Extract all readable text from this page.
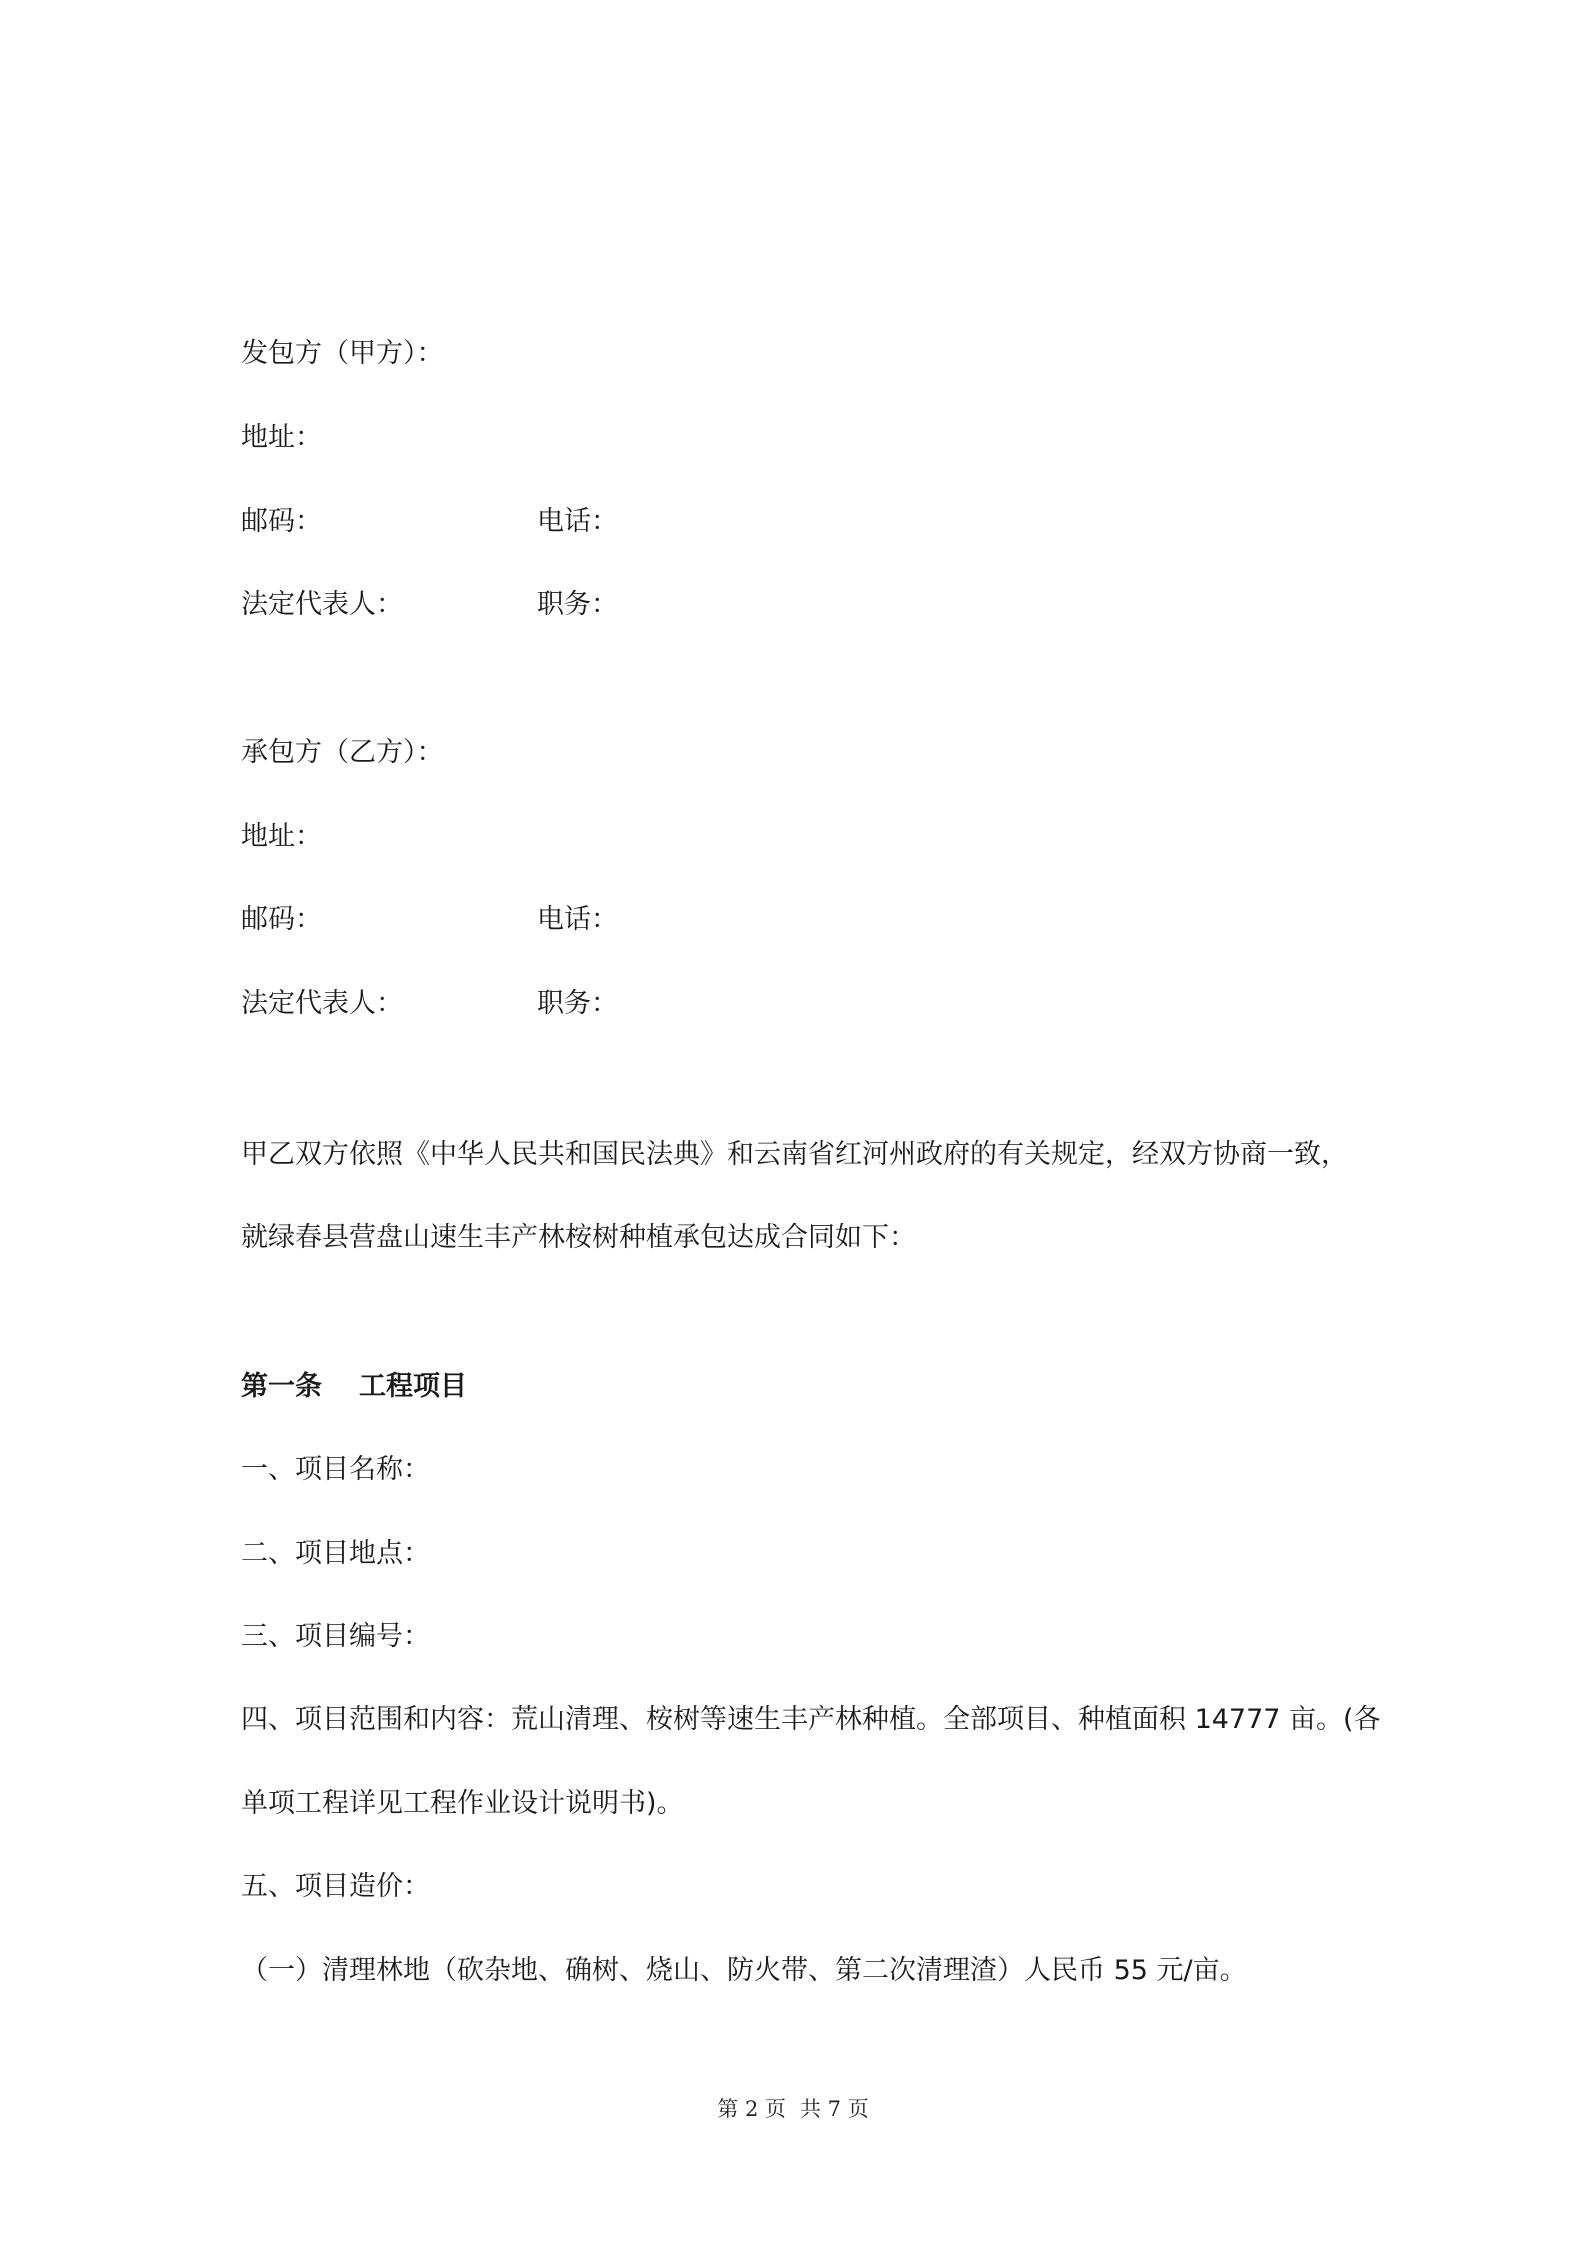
发包方（甲方）：
地址：
邮码：	电话：
法定代表人：	职务：
承包方（乙方）：
地址：
邮码：	电话：
法定代表人：	职务：
甲乙双方依照《中华人民共和国民法典》和云南省红河州政府的有关规定，经双方协商一致，
就绿春县营盘山速生丰产林桉树种植承包达成合同如下：
第一条 工程项目
一、项目名称：
二、项目地点：
三、项目编号：
四、项目范围和内容：荒山清理、桉树等速生丰产林种植。全部项目、种植面积 14777 亩。(各
单项工程详见工程作业设计说明书)。
五、项目造价：
（一）清理林地（砍杂地、确树、烧山、防火带、第二次清理渣）人民币 55 元/亩。
第 2 页 共 7 页
